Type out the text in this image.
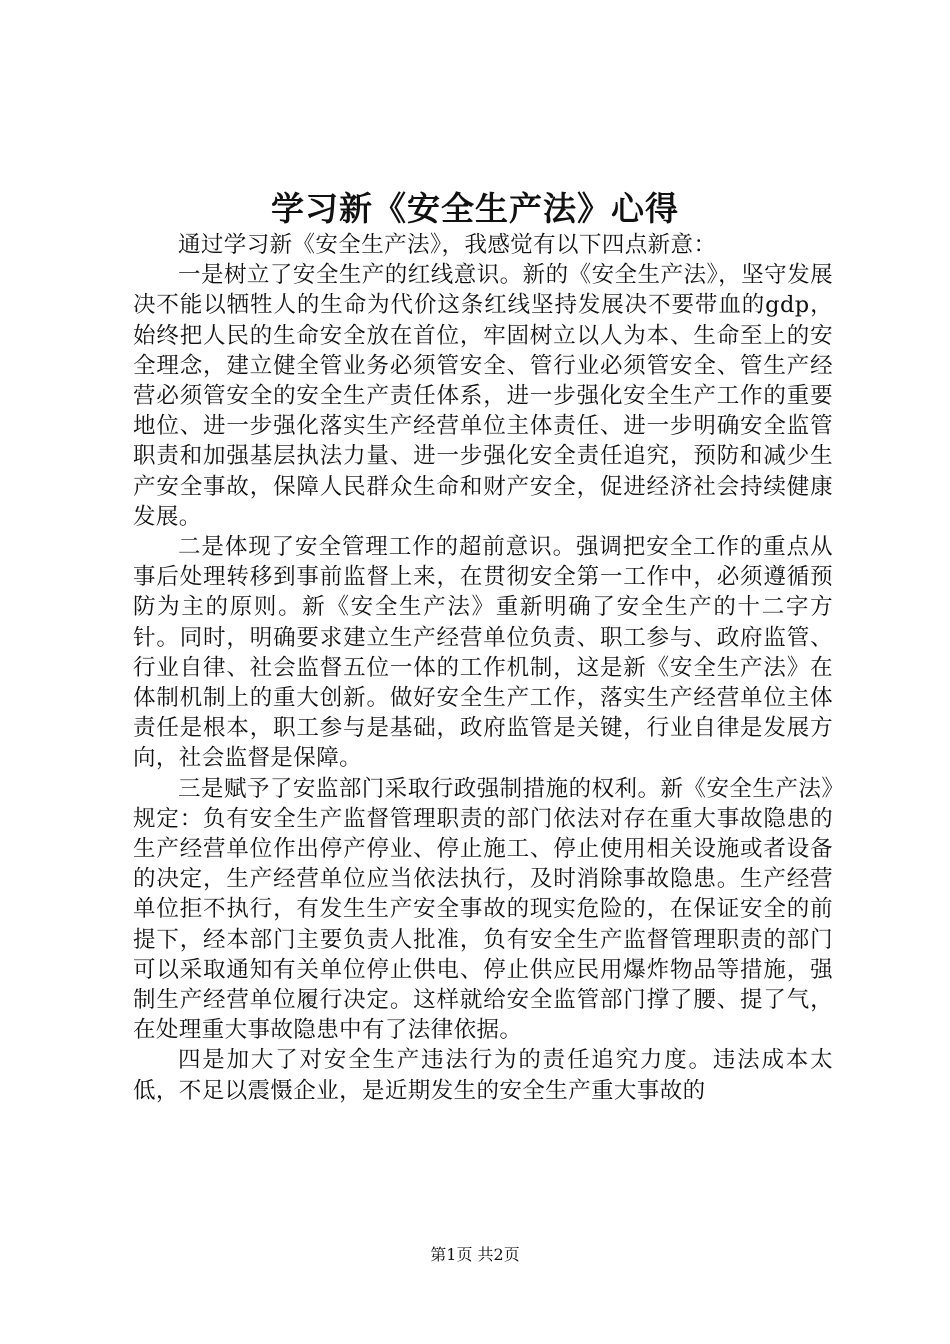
学习新《安全生产法》心得

通过学习新《安全生产法》，我感觉有以下四点新意：

一是树立了安全生产的红线意识。新的《安全生产法》，坚守发展决不能以牺牲人的生命为代价这条红线坚持发展决不要带血的gdp，始终把人民的生命安全放在首位，牢固树立以人为本、生命至上的安全理念，建立健全管业务必须管安全、管行业必须管安全、管生产经营必须管安全的安全生产责任体系，进一步强化安全生产工作的重要地位、进一步强化落实生产经营单位主体责任、进一步明确安全监管职责和加强基层执法力量、进一步强化安全责任追究，预防和减少生产安全事故，保障人民群众生命和财产安全，促进经济社会持续健康发展。

二是体现了安全管理工作的超前意识。强调把安全工作的重点从事后处理转移到事前监督上来，在贯彻安全第一工作中，必须遵循预防为主的原则。新《安全生产法》重新明确了安全生产的十二字方针。同时，明确要求建立生产经营单位负责、职工参与、政府监管、行业自律、社会监督五位一体的工作机制，这是新《安全生产法》在体制机制上的重大创新。做好安全生产工作，落实生产经营单位主体责任是根本，职工参与是基础，政府监管是关键，行业自律是发展方向，社会监督是保障。

三是赋予了安监部门采取行政强制措施的权利。新《安全生产法》规定：负有安全生产监督管理职责的部门依法对存在重大事故隐患的生产经营单位作出停产停业、停止施工、停止使用相关设施或者设备的决定，生产经营单位应当依法执行，及时消除事故隐患。生产经营单位拒不执行，有发生生产安全事故的现实危险的，在保证安全的前提下，经本部门主要负责人批准，负有安全生产监督管理职责的部门可以采取通知有关单位停止供电、停止供应民用爆炸物品等措施，强制生产经营单位履行决定。这样就给安全监管部门撑了腰、提了气，在处理重大事故隐患中有了法律依据。

四是加大了对安全生产违法行为的责任追究力度。违法成本太低，不足以震慑企业，是近期发生的安全生产重大事故的

第1页 共2页
